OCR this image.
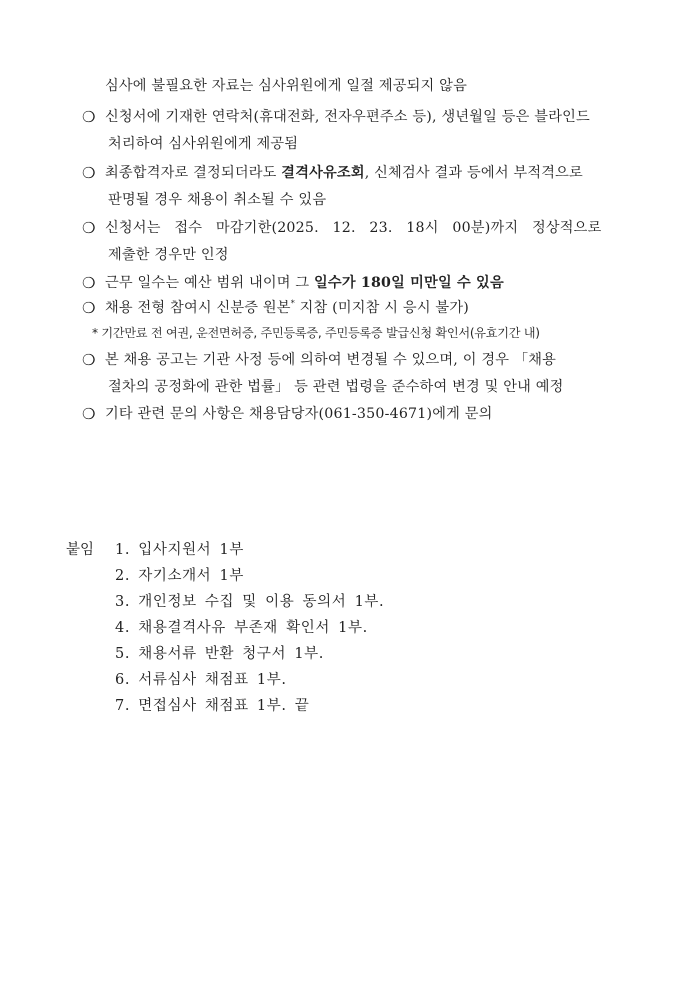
심사에 불필요한 자료는 심사위원에게 일절 제공되지 않음
❍ 신청서에 기재한 연락처(휴대전화, 전자우편주소 등), 생년월일 등은 블라인드
처리하여 심사위원에게 제공됨
❍ 최종합격자로 결정되더라도 결격사유조회, 신체검사 결과 등에서 부적격으로
판명될 경우 채용이 취소될 수 있음
❍ 신청서는 접수 마감기한(2025. 12. 23. 18시 00분)까지 정상적으로
제출한 경우만 인정
❍ 근무 일수는 예산 범위 내이며 그 일수가 180일 미만일 수 있음
❍ 채용 전형 참여시 신분증 원본* 지참 (미지참 시 응시 불가)
* 기간만료 전 여권, 운전면허증, 주민등록증, 주민등록증 발급신청 확인서(유효기간 내)
❍ 본 채용 공고는 기관 사정 등에 의하여 변경될 수 있으며, 이 경우 「채용
절차의 공정화에 관한 법률」 등 관련 법령을 준수하여 변경 및 안내 예정
❍ 기타 관련 문의 사항은 채용담당자(061-350-4671)에게 문의
붙임 1. 입사지원서 1부
2. 자기소개서 1부
3. 개인정보 수집 및 이용 동의서 1부.
4. 채용결격사유 부존재 확인서 1부.
5. 채용서류 반환 청구서 1부.
6. 서류심사 채점표 1부.
7. 면접심사 채점표 1부. 끝
